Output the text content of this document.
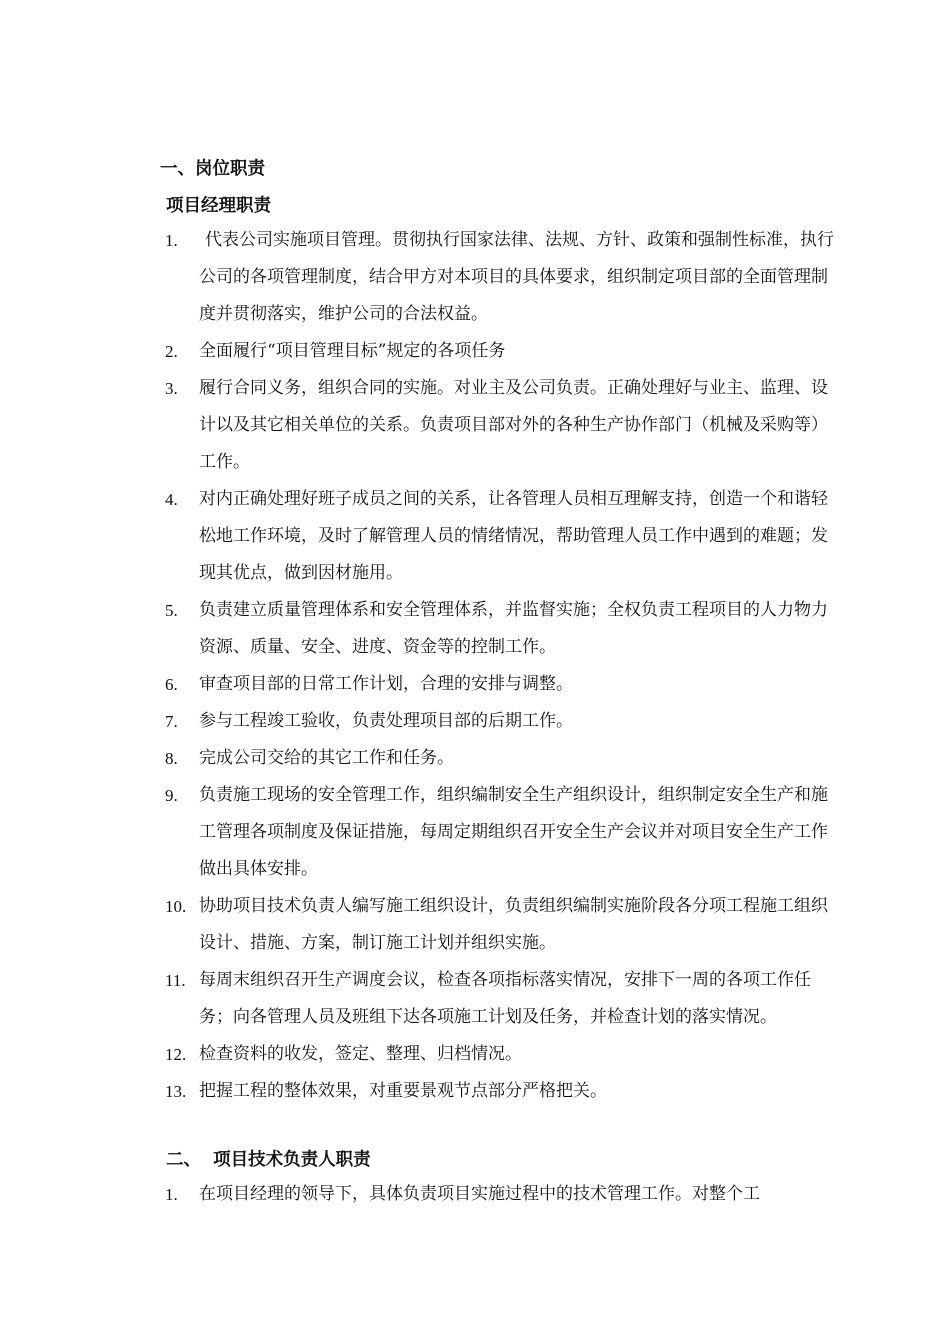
一、岗位职责
项目经理职责
1.	代表公司实施项目管理。贯彻执行国家法律、法规、方针、政策和强制性标准，执行公司的各项管理制度，结合甲方对本项目的具体要求，组织制定项目部的全面管理制度并贯彻落实，维护公司的合法权益。
2.	全面履行“项目管理目标”规定的各项任务
3.	履行合同义务，组织合同的实施。对业主及公司负责。正确处理好与业主、监理、设计以及其它相关单位的关系。负责项目部对外的各种生产协作部门（机械及采购等）工作。
4.	对内正确处理好班子成员之间的关系，让各管理人员相互理解支持，创造一个和谐轻松地工作环境，及时了解管理人员的情绪情况，帮助管理人员工作中遇到的难题；发现其优点，做到因材施用。
5.	负责建立质量管理体系和安全管理体系，并监督实施；全权负责工程项目的人力物力资源、质量、安全、进度、资金等的控制工作。
6.	审查项目部的日常工作计划，合理的安排与调整。
7.	参与工程竣工验收，负责处理项目部的后期工作。
8.	完成公司交给的其它工作和任务。
9.	负责施工现场的安全管理工作，组织编制安全生产组织设计，组织制定安全生产和施工管理各项制度及保证措施，每周定期组织召开安全生产会议并对项目安全生产工作做出具体安排。
10. 协助项目技术负责人编写施工组织设计，负责组织编制实施阶段各分项工程施工组织设计、措施、方案，制订施工计划并组织实施。
11. 每周末组织召开生产调度会议，检查各项指标落实情况，安排下一周的各项工作任务；向各管理人员及班组下达各项施工计划及任务，并检查计划的落实情况。
12. 检查资料的收发，签定、整理、归档情况。
13. 把握工程的整体效果，对重要景观节点部分严格把关。
二、  项目技术负责人职责
1.	在项目经理的领导下，具体负责项目实施过程中的技术管理工作。对整个工
